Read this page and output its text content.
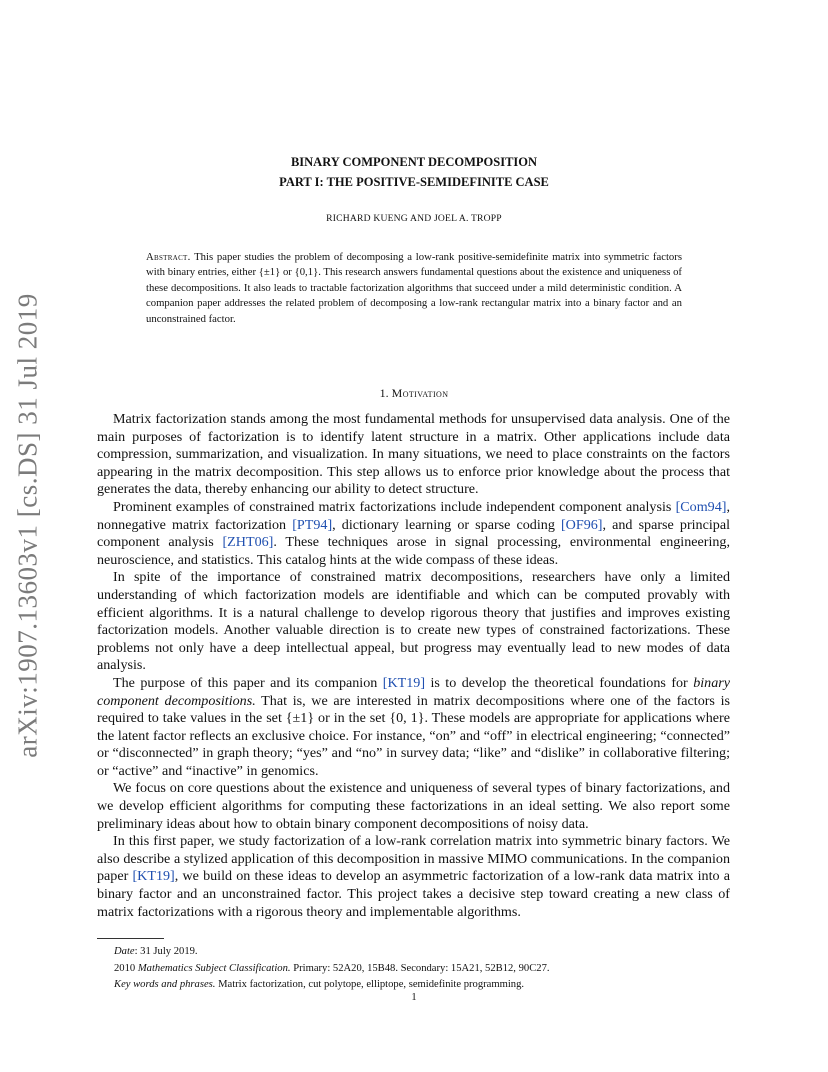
arXiv:1907.13603v1 [cs.DS] 31 Jul 2019
BINARY COMPONENT DECOMPOSITION
PART I: THE POSITIVE-SEMIDEFINITE CASE
RICHARD KUENG AND JOEL A. TROPP
Abstract. This paper studies the problem of decomposing a low-rank positive-semidefinite matrix into symmetric factors with binary entries, either {±1} or {0,1}. This research answers fundamental questions about the existence and uniqueness of these decompositions. It also leads to tractable factorization algorithms that succeed under a mild deterministic condition. A companion paper addresses the related problem of decomposing a low-rank rectangular matrix into a binary factor and an unconstrained factor.
1. Motivation

Matrix factorization stands among the most fundamental methods for unsupervised data analysis. One of the main purposes of factorization is to identify latent structure in a matrix. Other applications include data compression, summarization, and visualization. In many situations, we need to place constraints on the factors appearing in the matrix decomposition. This step allows us to enforce prior knowledge about the process that generates the data, thereby enhancing our ability to detect structure.

Prominent examples of constrained matrix factorizations include independent component analysis [Com94], nonnegative matrix factorization [PT94], dictionary learning or sparse coding [OF96], and sparse principal component analysis [ZHT06]. These techniques arose in signal processing, environmental engineering, neuroscience, and statistics. This catalog hints at the wide compass of these ideas.

In spite of the importance of constrained matrix decompositions, researchers have only a limited understanding of which factorization models are identifiable and which can be computed provably with efficient algorithms. It is a natural challenge to develop rigorous theory that justifies and improves existing factorization models. Another valuable direction is to create new types of constrained factorizations. These problems not only have a deep intellectual appeal, but progress may eventually lead to new modes of data analysis.

The purpose of this paper and its companion [KT19] is to develop the theoretical foundations for binary component decompositions. That is, we are interested in matrix decompositions where one of the factors is required to take values in the set {±1} or in the set {0, 1}. These models are appropriate for applications where the latent factor reflects an exclusive choice. For instance, “on” and “off” in electrical engineering; “connected” or “disconnected” in graph theory; “yes” and “no” in survey data; “like” and “dislike” in collaborative filtering; or “active” and “inactive” in genomics.

We focus on core questions about the existence and uniqueness of several types of binary factorizations, and we develop efficient algorithms for computing these factorizations in an ideal setting. We also report some preliminary ideas about how to obtain binary component decompositions of noisy data.

In this first paper, we study factorization of a low-rank correlation matrix into symmetric binary factors. We also describe a stylized application of this decomposition in massive MIMO communications. In the companion paper [KT19], we build on these ideas to develop an asymmetric factorization of a low-rank data matrix into a binary factor and an unconstrained factor. This project takes a decisive step toward creating a new class of matrix factorizations with a rigorous theory and implementable algorithms.

Date: 31 July 2019.
2010 Mathematics Subject Classification. Primary: 52A20, 15B48. Secondary: 15A21, 52B12, 90C27.
Key words and phrases. Matrix factorization, cut polytope, elliptope, semidefinite programming.
1
